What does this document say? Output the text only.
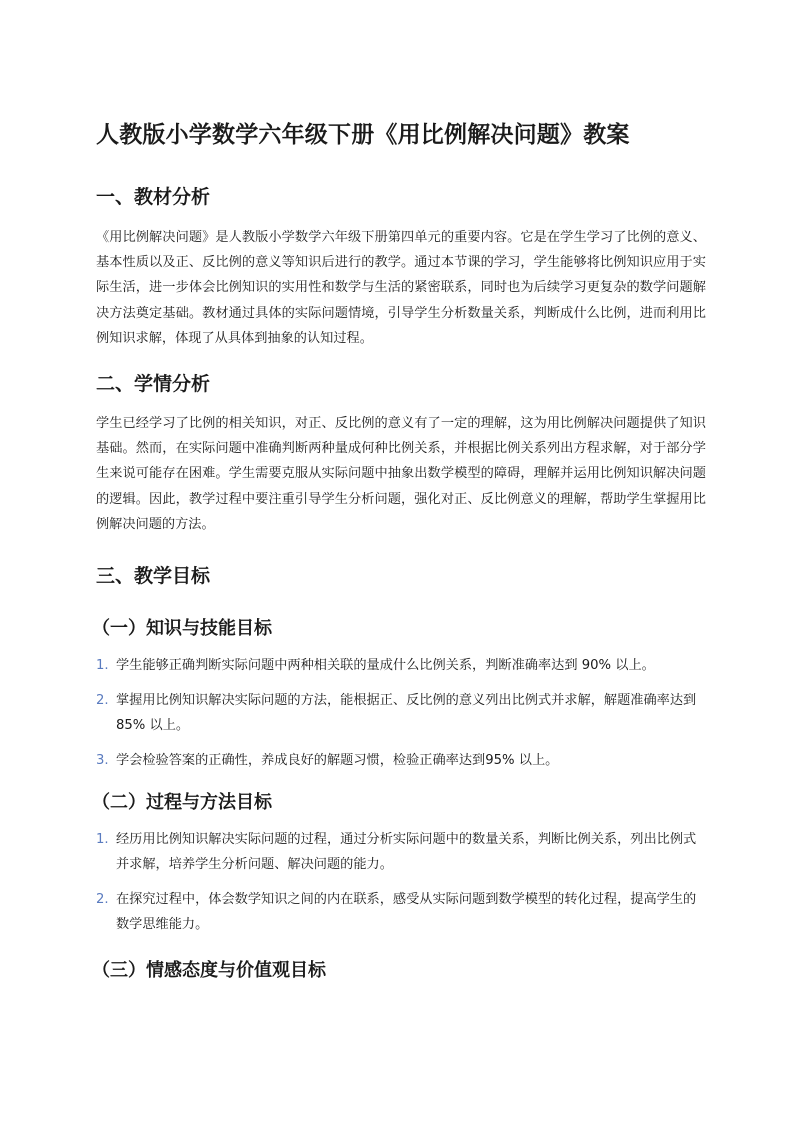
人教版小学数学六年级下册《用比例解决问题》教案
一、教材分析

《用比例解决问题》是人教版小学数学六年级下册第四单元的重要内容。它是在学生学习了比例的意义、基本性质以及正、反比例的意义等知识后进行的教学。通过本节课的学习，学生能够将比例知识应用于实际生活，进一步体会比例知识的实用性和数学与生活的紧密联系，同时也为后续学习更复杂的数学问题解决方法奠定基础。教材通过具体的实际问题情境，引导学生分析数量关系，判断成什么比例，进而利用比例知识求解，体现了从具体到抽象的认知过程。

二、学情分析

学生已经学习了比例的相关知识，对正、反比例的意义有了一定的理解，这为用比例解决问题提供了知识基础。然而，在实际问题中准确判断两种量成何种比例关系，并根据比例关系列出方程求解，对于部分学生来说可能存在困难。学生需要克服从实际问题中抽象出数学模型的障碍，理解并运用比例知识解决问题的逻辑。因此，教学过程中要注重引导学生分析问题，强化对正、反比例意义的理解，帮助学生掌握用比例解决问题的方法。

三、教学目标
（一）知识与技能目标
1. 学生能够正确判断实际问题中两种相关联的量成什么比例关系，判断准确率达到 90% 以上。
2. 掌握用比例知识解决实际问题的方法，能根据正、反比例的意义列出比例式并求解，解题准确率达到 85% 以上。
3. 学会检验答案的正确性，养成良好的解题习惯，检验正确率达到95% 以上。
（二）过程与方法目标
1. 经历用比例知识解决实际问题的过程，通过分析实际问题中的数量关系，判断比例关系，列出比例式并求解，培养学生分析问题、解决问题的能力。
2. 在探究过程中，体会数学知识之间的内在联系，感受从实际问题到数学模型的转化过程，提高学生的数学思维能力。
（三）情感态度与价值观目标
